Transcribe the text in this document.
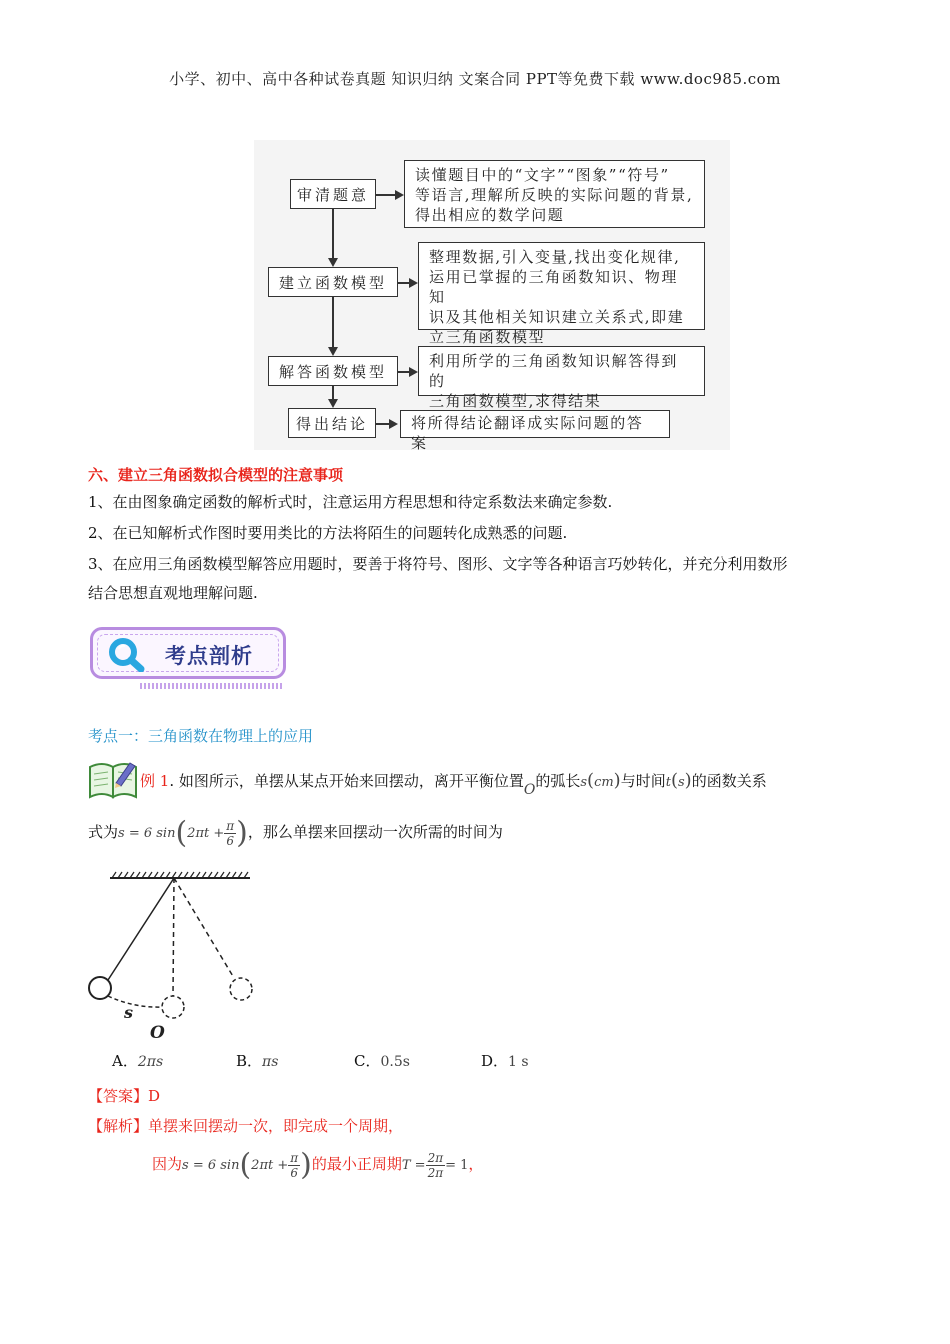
小学、初中、高中各种试卷真题 知识归纳 文案合同 PPT等免费下载 www.doc985.com
审清题意
建立函数模型
解答函数模型
得出结论
读懂题目中的“文字”“图象”“符号”
等语言,理解所反映的实际问题的背景,
得出相应的数学问题
整理数据,引入变量,找出变化规律,
运用已掌握的三角函数知识、物理知
识及其他相关知识建立关系式,即建
立三角函数模型
利用所学的三角函数知识解答得到的
三角函数模型,求得结果
将所得结论翻译成实际问题的答案
六、建立三角函数拟合模型的注意事项
1、在由图象确定函数的解析式时，注意运用方程思想和待定系数法来确定参数.
2、在已知解析式作图时要用类比的方法将陌生的问题转化成熟悉的问题.
3、在应用三角函数模型解答应用题时，要善于将符号、图形、文字等各种语言巧妙转化，并充分利用数形
结合思想直观地理解问题.
考点剖析
考点一：三角函数在物理上的应用
例 1. 如图所示，单摆从某点开始来回摆动，离开平衡位置O的弧长s(cm)与时间t(s)的函数关系
式为s = 6 $\sin(2\pi t + \frac{\pi}{6}$ )，那么单摆来回摆动一次所需的时间为
s
O
A．2πs	B．πs	C．0.5s	D．1 s
【答案】D
【解析】单摆来回摆动一次，即完成一个周期，
因为s = 6 $\sin(2\pi t + \frac{\pi}{6}$ )的最小正周期$T = \frac{2\pi}{2\pi} = 1$，
